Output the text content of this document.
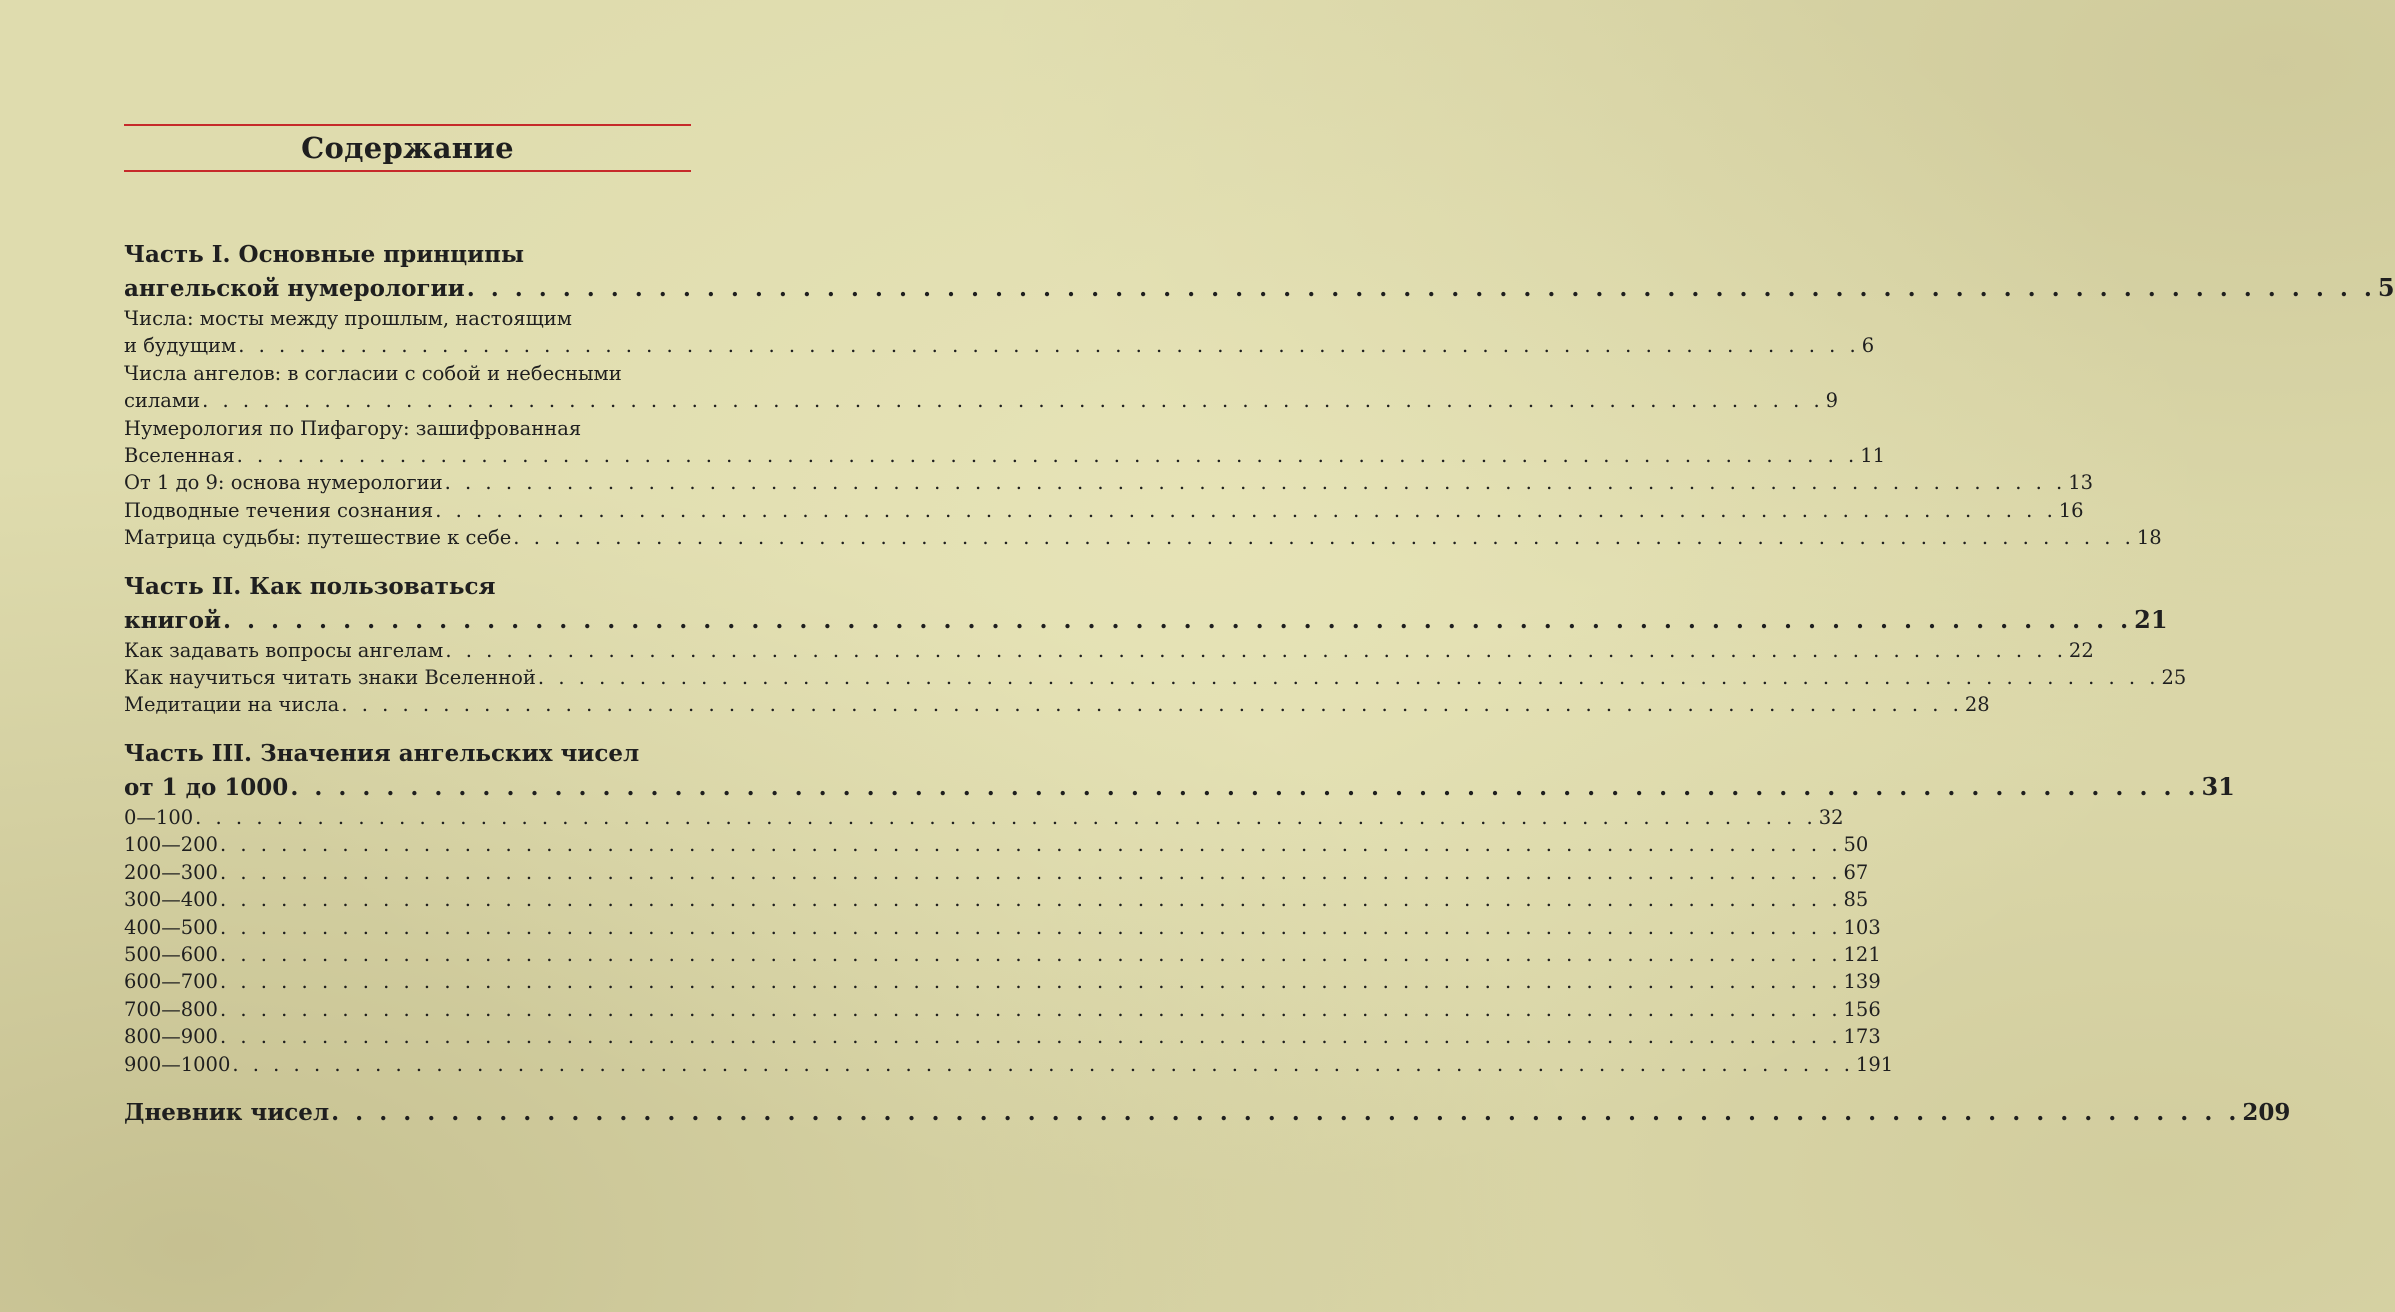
Содержание
Часть I. Основные принципы
ангельской нумерологии . . . . . . . . . . . . . . . . . . . . . . . . . . . . . . . . . . . . . . . . . . . . . . . . . . . . . . . . . . . . . . . . . . . . . . . . . . . . . . . . 5
Числа: мосты между прошлым, настоящим
и будущим . . . . . . . . . . . . . . . . . . . . . . . . . . . . . . . . . . . . . . . . . . . . . . . . . . . . . . . . . . . . . . . . . . . . . . . . . . . . . . . . 6
Числа ангелов: в согласии с собой и небесными
силами . . . . . . . . . . . . . . . . . . . . . . . . . . . . . . . . . . . . . . . . . . . . . . . . . . . . . . . . . . . . . . . . . . . . . . . . . . . . . . . . 9
Нумерология по Пифагору: зашифрованная
Вселенная . . . . . . . . . . . . . . . . . . . . . . . . . . . . . . . . . . . . . . . . . . . . . . . . . . . . . . . . . . . . . . . . . . . . . . . . . . . . . . . . 11
От 1 до 9: основа нумерологии . . . . . . . . . . . . . . . . . . . . . . . . . . . . . . . . . . . . . . . . . . . . . . . . . . . . . . . . . . . . . . . . . . . . . . . . . . . . . . . . 13
Подводные течения сознания . . . . . . . . . . . . . . . . . . . . . . . . . . . . . . . . . . . . . . . . . . . . . . . . . . . . . . . . . . . . . . . . . . . . . . . . . . . . . . . . 16
Матрица судьбы: путешествие к себе . . . . . . . . . . . . . . . . . . . . . . . . . . . . . . . . . . . . . . . . . . . . . . . . . . . . . . . . . . . . . . . . . . . . . . . . . . . . . . . . 18
Часть II. Как пользоваться
книгой . . . . . . . . . . . . . . . . . . . . . . . . . . . . . . . . . . . . . . . . . . . . . . . . . . . . . . . . . . . . . . . . . . . . . . . . . . . . . . . . 21
Как задавать вопросы ангелам . . . . . . . . . . . . . . . . . . . . . . . . . . . . . . . . . . . . . . . . . . . . . . . . . . . . . . . . . . . . . . . . . . . . . . . . . . . . . . . . 22
Как научиться читать знаки Вселенной . . . . . . . . . . . . . . . . . . . . . . . . . . . . . . . . . . . . . . . . . . . . . . . . . . . . . . . . . . . . . . . . . . . . . . . . . . . . . . . . 25
Медитации на числа . . . . . . . . . . . . . . . . . . . . . . . . . . . . . . . . . . . . . . . . . . . . . . . . . . . . . . . . . . . . . . . . . . . . . . . . . . . . . . . . 28
Часть III. Значения ангельских чисел
от 1 до 1000 . . . . . . . . . . . . . . . . . . . . . . . . . . . . . . . . . . . . . . . . . . . . . . . . . . . . . . . . . . . . . . . . . . . . . . . . . . . . . . . . 31
0—100 . . . . . . . . . . . . . . . . . . . . . . . . . . . . . . . . . . . . . . . . . . . . . . . . . . . . . . . . . . . . . . . . . . . . . . . . . . . . . . . . 32
100—200 . . . . . . . . . . . . . . . . . . . . . . . . . . . . . . . . . . . . . . . . . . . . . . . . . . . . . . . . . . . . . . . . . . . . . . . . . . . . . . . . 50
200—300 . . . . . . . . . . . . . . . . . . . . . . . . . . . . . . . . . . . . . . . . . . . . . . . . . . . . . . . . . . . . . . . . . . . . . . . . . . . . . . . . 67
300—400 . . . . . . . . . . . . . . . . . . . . . . . . . . . . . . . . . . . . . . . . . . . . . . . . . . . . . . . . . . . . . . . . . . . . . . . . . . . . . . . . 85
400—500 . . . . . . . . . . . . . . . . . . . . . . . . . . . . . . . . . . . . . . . . . . . . . . . . . . . . . . . . . . . . . . . . . . . . . . . . . . . . . . . . 103
500—600 . . . . . . . . . . . . . . . . . . . . . . . . . . . . . . . . . . . . . . . . . . . . . . . . . . . . . . . . . . . . . . . . . . . . . . . . . . . . . . . . 121
600—700 . . . . . . . . . . . . . . . . . . . . . . . . . . . . . . . . . . . . . . . . . . . . . . . . . . . . . . . . . . . . . . . . . . . . . . . . . . . . . . . . 139
700—800 . . . . . . . . . . . . . . . . . . . . . . . . . . . . . . . . . . . . . . . . . . . . . . . . . . . . . . . . . . . . . . . . . . . . . . . . . . . . . . . . 156
800—900 . . . . . . . . . . . . . . . . . . . . . . . . . . . . . . . . . . . . . . . . . . . . . . . . . . . . . . . . . . . . . . . . . . . . . . . . . . . . . . . . 173
900—1000 . . . . . . . . . . . . . . . . . . . . . . . . . . . . . . . . . . . . . . . . . . . . . . . . . . . . . . . . . . . . . . . . . . . . . . . . . . . . . . . . 191
Дневник чисел . . . . . . . . . . . . . . . . . . . . . . . . . . . . . . . . . . . . . . . . . . . . . . . . . . . . . . . . . . . . . . . . . . . . . . . . . . . . . . . . 209
